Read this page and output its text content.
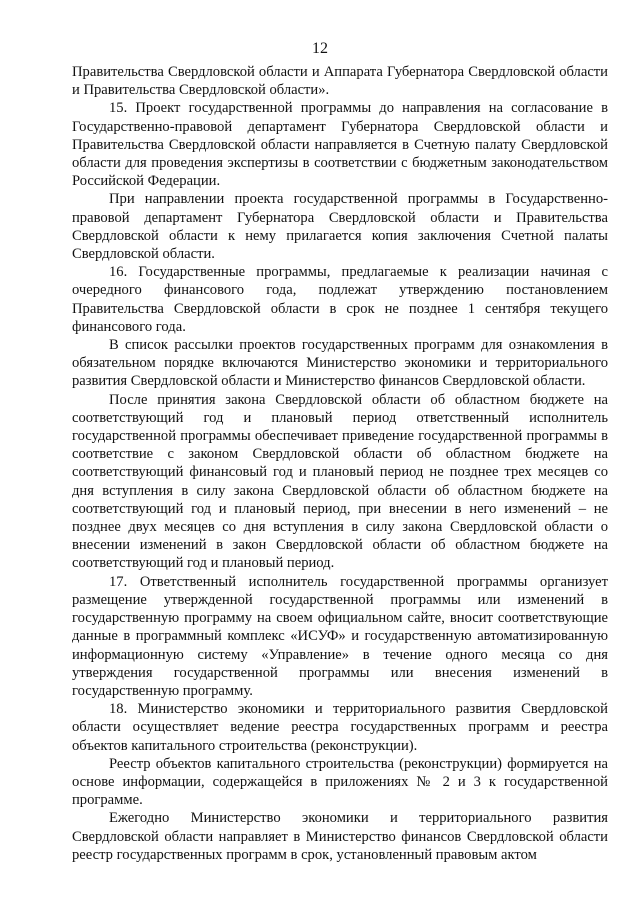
12

Правительства Свердловской области и Аппарата Губернатора Свердловской области и Правительства Свердловской области».

15. Проект государственной программы до направления на согласование в Государственно-правовой департамент Губернатора Свердловской области и Правительства Свердловской области направляется в Счетную палату Свердловской области для проведения экспертизы в соответствии с бюджетным законодательством Российской Федерации.

При направлении проекта государственной программы в Государственно-правовой департамент Губернатора Свердловской области и Правительства Свердловской области к нему прилагается копия заключения Счетной палаты Свердловской области.

16. Государственные программы, предлагаемые к реализации начиная с очередного финансового года, подлежат утверждению постановлением Правительства Свердловской области в срок не позднее 1 сентября текущего финансового года.

В список рассылки проектов государственных программ для ознакомления в обязательном порядке включаются Министерство экономики и территориального развития Свердловской области и Министерство финансов Свердловской области.

После принятия закона Свердловской области об областном бюджете на соответствующий год и плановый период ответственный исполнитель государственной программы обеспечивает приведение государственной программы в соответствие с законом Свердловской области об областном бюджете на соответствующий финансовый год и плановый период не позднее трех месяцев со дня вступления в силу закона Свердловской области об областном бюджете на соответствующий год и плановый период, при внесении в него изменений – не позднее двух месяцев со дня вступления в силу закона Свердловской области о внесении изменений в закон Свердловской области об областном бюджете на соответствующий год и плановый период.

17. Ответственный исполнитель государственной программы организует размещение утвержденной государственной программы или изменений в государственную программу на своем официальном сайте, вносит соответствующие данные в программный комплекс «ИСУФ» и государственную автоматизированную информационную систему «Управление» в течение одного месяца со дня утверждения государственной программы или внесения изменений в государственную программу.

18. Министерство экономики и территориального развития Свердловской области осуществляет ведение реестра государственных программ и реестра объектов капитального строительства (реконструкции).

Реестр объектов капитального строительства (реконструкции) формируется на основе информации, содержащейся в приложениях № 2 и 3 к государственной программе.

Ежегодно Министерство экономики и территориального развития Свердловской области направляет в Министерство финансов Свердловской области реестр государственных программ в срок, установленный правовым актом
